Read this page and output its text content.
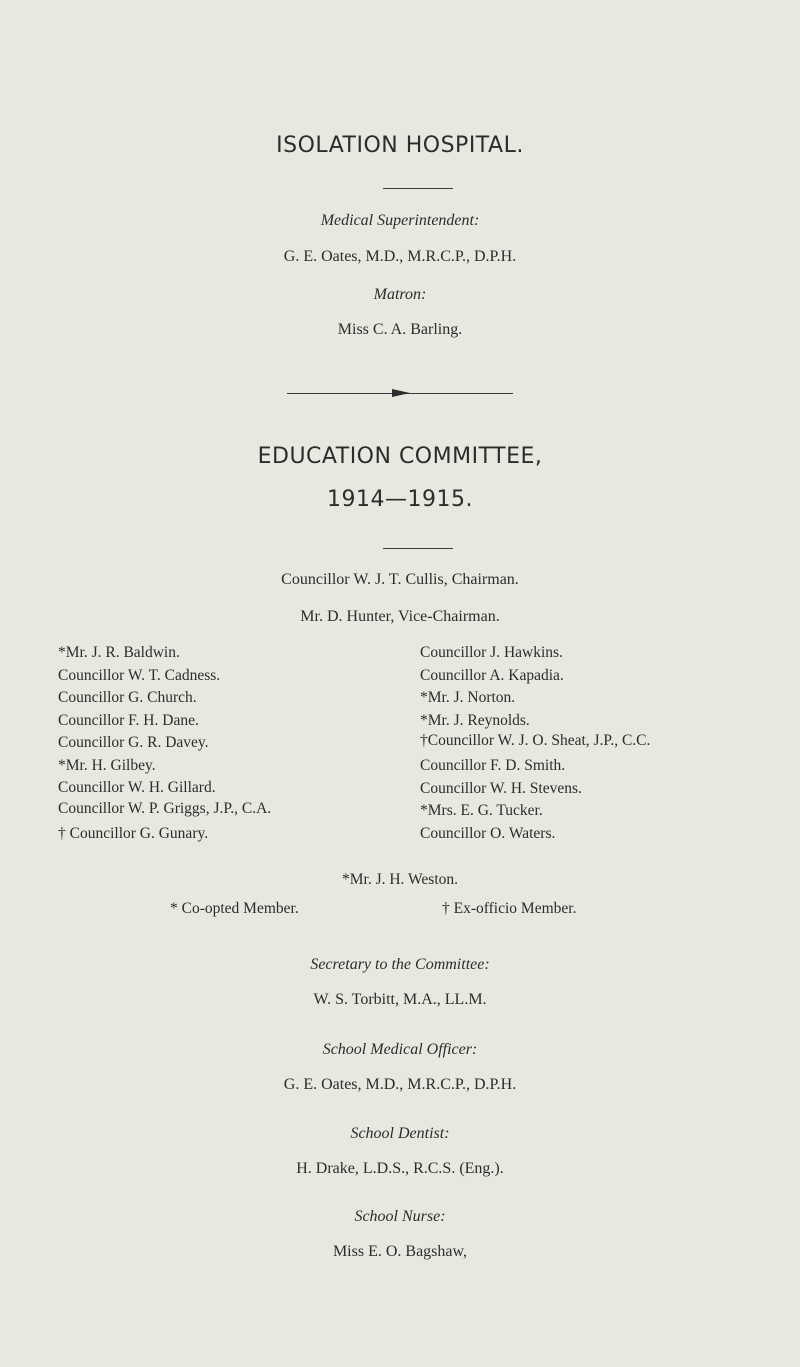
ISOLATION HOSPITAL.
Medical Superintendent:
G. E. Oates, M.D., M.R.C.P., D.P.H.
Matron:
Miss C. A. Barling.
EDUCATION COMMITTEE,
1914—1915.
Councillor W. J. T. Cullis, Chairman.
Mr. D. Hunter, Vice-Chairman.
*Mr. J. R. Baldwin.
Councillor W. T. Cadness.
Councillor G. Church.
Councillor F. H. Dane.
Councillor G. R. Davey.
*Mr. H. Gilbey.
Councillor W. H. Gillard.
Councillor W. P. Griggs, J.P., C.A.
† Councillor G. Gunary.
Councillor J. Hawkins.
Councillor A. Kapadia.
*Mr. J. Norton.
*Mr. J. Reynolds.
†Councillor W. J. O. Sheat, J.P., C.C.
Councillor F. D. Smith.
Councillor W. H. Stevens.
*Mrs. E. G. Tucker.
Councillor O. Waters.
*Mr. J. H. Weston.
* Co-opted Member.	† Ex-officio Member.
Secretary to the Committee:
W. S. Torbitt, M.A., LL.M.
School Medical Officer:
G. E. Oates, M.D., M.R.C.P., D.P.H.
School Dentist:
H. Drake, L.D.S., R.C.S. (Eng.).
School Nurse:
Miss E. O. Bagshaw,
